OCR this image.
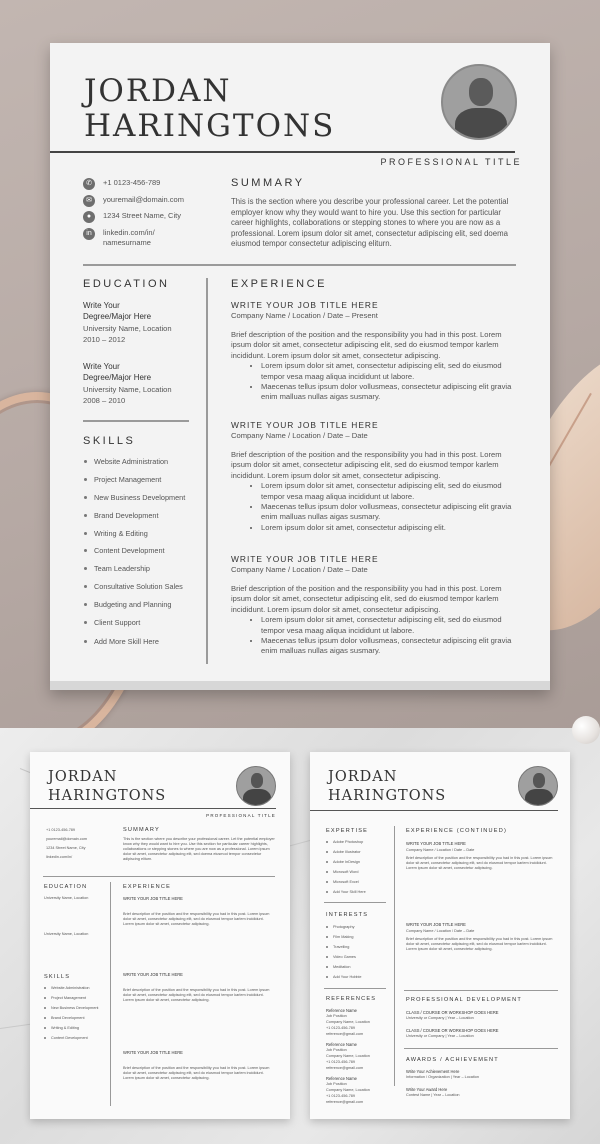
JORDAN
HARINGTONS
PROFESSIONAL TITLE
✆	+1 0123-456-789
✉	youremail@domain.com
●	1234 Street Name, City
in	linkedin.com/in/
namesurname
SUMMARY
This is the section where you describe your professional career. Let the potential employer know why they would want to hire you. Use this section for particular career highlights, collaborations or stepping stones to where you are now as a professional. Lorem ipsum dolor sit amet, consectetur adipiscing elit, sed doema eiusmod tempor consectetur adipiscing eliturn.
EDUCATION
Write Your
Degree/Major Here
University Name, Location
2010 – 2012
Write Your
Degree/Major Here
University Name, Location
2008 – 2010
SKILLS
Website Administration
Project Management
New Business Development
Brand Development
Writing & Editing
Content Development
Team Leadership
Consultative Solution Sales
Budgeting and Planning
Client Support
Add More Skill Here
EXPERIENCE
WRITE YOUR JOB TITLE HERE
Company Name / Location / Date – Present
Brief description of the position and the responsibility you had in this post. Lorem ipsum dolor sit amet, consectetur adipiscing elit, sed do eiusmod tempor karlem incididunt. Lorem ipsum dolor sit amet, consectetur adipiscing.
• Lorem ipsum dolor sit amet, consectetur adipiscing elit, sed do eiusmod tempor vesa maag aliqua incididunt ut labore.
• Maecenas tellus ipsum dolor vollusmeas, consectetur adipiscing elit gravia enim malluas nullas aigas susmary.
WRITE YOUR JOB TITLE HERE
Company Name / Location / Date – Date
Brief description of the position and the responsibility you had in this post. Lorem ipsum dolor sit amet, consectetur adipiscing elit, sed do eiusmod tempor karlem incididunt. Lorem ipsum dolor sit amet, consectetur adipiscing.
• Lorem ipsum dolor sit amet, consectetur adipiscing elit, sed do eiusmod tempor vesa maag aliqua incididunt ut labore.
• Maecenas tellus ipsum dolor vollusmeas, consectetur adipiscing elit gravia enim malluas nullas aigas susmary.
• Lorem ipsum dolor sit amet, consectetur adipiscing elit.
WRITE YOUR JOB TITLE HERE
Company Name / Location / Date – Date
Brief description of the position and the responsibility you had in this post. Lorem ipsum dolor sit amet, consectetur adipiscing elit, sed do eiusmod tempor karlem incididunt. Lorem ipsum dolor sit amet, consectetur adipiscing.
• Lorem ipsum dolor sit amet, consectetur adipiscing elit, sed do eiusmod tempor vesa maag aliqua incididunt ut labore.
• Maecenas tellus ipsum dolor vollusmeas, consectetur adipiscing elit gravia enim malluas nullas aigas susmary.
JORDAN
HARINGTONS
PROFESSIONAL TITLE
+1 0123-456-789
youremail@domain.com
1234 Street Name, City
linkedin.com/in/
SUMMARY
This is the section where you describe your professional career. Let the potential employer know why they would want to hire you. Use this section for particular career highlights, collaborations or stepping stones to where you are now as a professional. Lorem ipsum dolor sit amet, consectetur adipiscing elit, sed doema eiusmod tempor consectetur adipiscing eliturn.
EDUCATION
University Name, Location
University Name, Location
SKILLS
Website Administration
Project Management
New Business Development
Brand Development
Writing & Editing
Content Development
EXPERIENCE
WRITE YOUR JOB TITLE HERE
Brief description of the position and the responsibility you had in this post. Lorem ipsum dolor sit amet, consectetur adipiscing elit, sed do eiusmod tempor karlem incididunt. Lorem ipsum dolor sit amet, consectetur adipiscing.
WRITE YOUR JOB TITLE HERE
Brief description of the position and the responsibility you had in this post. Lorem ipsum dolor sit amet, consectetur adipiscing elit, sed do eiusmod tempor karlem incididunt. Lorem ipsum dolor sit amet, consectetur adipiscing.
WRITE YOUR JOB TITLE HERE
Brief description of the position and the responsibility you had in this post. Lorem ipsum dolor sit amet, consectetur adipiscing elit, sed do eiusmod tempor karlem incididunt. Lorem ipsum dolor sit amet, consectetur adipiscing.
JORDAN
HARINGTONS
EXPERTISE
Adobe Photoshop
Adobe Illustrator
Adobe InDesign
Microsoft Word
Microsoft Excel
Add Your Skill Here
INTERESTS
Photography
Film Making
Travelling
Video Games
Meditation
Add Your Hobbie
REFERENCES
Reference Name
Job Position
Company Name, Location
+1 0123-456-789
reference@gmail.com
Reference Name
Job Position
Company Name, Location
+1 0123-456-789
reference@gmail.com
Reference Name
Job Position
Company Name, Location
+1 0123-456-789
reference@gmail.com
EXPERIENCE (CONTINUED)
WRITE YOUR JOB TITLE HERE
Company Name / Location / Date – Date
Brief description of the position and the responsibility you had in this post. Lorem ipsum dolor sit amet, consectetur adipiscing elit, sed do eiusmod tempor karlem incididunt. Lorem ipsum dolor sit amet, consectetur adipiscing.
WRITE YOUR JOB TITLE HERE
Company Name / Location / Date – Date
Brief description of the position and the responsibility you had in this post. Lorem ipsum dolor sit amet, consectetur adipiscing elit, sed do eiusmod tempor karlem incididunt. Lorem ipsum dolor sit amet, consectetur adipiscing.
PROFESSIONAL DEVELOPMENT
CLASS / COURSE OR WORKSHOP GOES HERE
University or Company | Year – Location
CLASS / COURSE OR WORKSHOP GOES HERE
University or Company | Year – Location
AWARDS / ACHIEVEMENT
Write Your Achievement Here
Information / Organization | Year – Location
Write Your Award Here
Contest Name | Year – Location
